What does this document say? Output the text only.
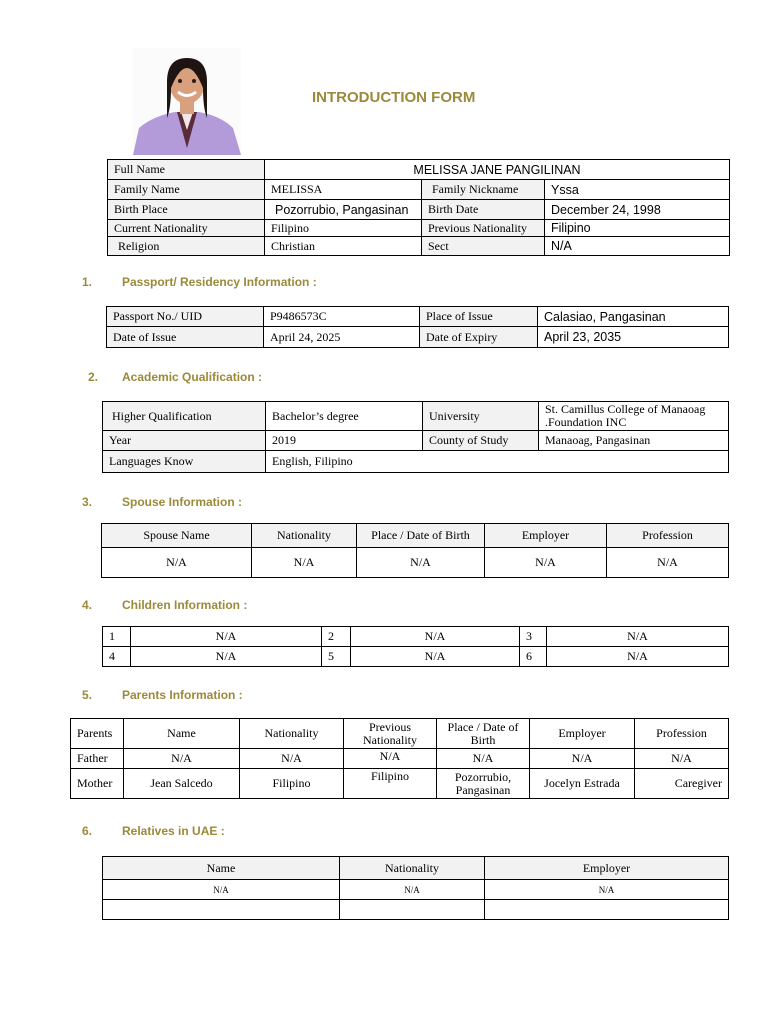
INTRODUCTION FORM
Full Name	MELISSA JANE PANGILINAN		
Family Name	MELISSA	Family Nickname	Yssa
Birth Place	Pozorrubio, Pangasinan	Birth Date	December 24, 1998
Current Nationality	Filipino	Previous Nationality	Filipino
Religion	Christian	Sect	N/A
1. Passport/ Residency Information :
Passport No./ UID	P9486573C	Place of Issue	Calasiao, Pangasinan
Date of Issue	April 24, 2025	Date of Expiry	April 23, 2035
2. Academic Qualification :
Higher Qualification	Bachelor’s degree	University	St. Camillus College of Manaoag
.Foundation INC
Year	2019	County of Study	Manaoag, Pangasinan
Languages Know	English, Filipino		
3. Spouse Information :
Spouse Name	Nationality	Place / Date of Birth	Employer	Profession
N/A	N/A	N/A	N/A	N/A
4. Children Information :
1	N/A	2	N/A	3	N/A
4	N/A	5	N/A	6	N/A
5. Parents Information :
Parents	Name	Nationality	Previous Nationality	Place / Date of Birth	Employer	Profession
Father	N/A	N/A	N/A	N/A	N/A	N/A
Mother	Jean Salcedo	Filipino	Filipino	Pozorrubio, Pangasinan	Jocelyn Estrada	Caregiver
6. Relatives in UAE :
Name	Nationality	Employer
N/A	N/A	N/A
